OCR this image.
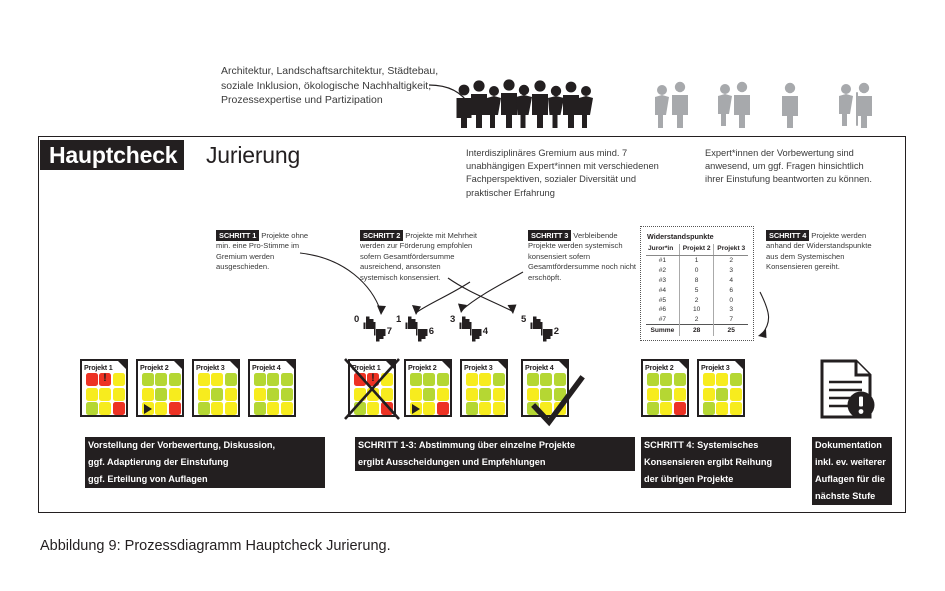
Architektur, Landschaftsarchitektur, Städtebau, soziale Inklusion, ökologische Nachhaltigkeit, Prozessexpertise und Partizipation
Hauptcheck	Jurierung	Interdisziplinäres Gremium aus mind. 7 unabhängigen Expert*innen mit verschiedenen Fachperspektiven, sozialer Diversität und praktischer Erfahrung
Expert*innen der Vorbewertung sind anwesend, um ggf. Fragen hinsichtlich ihrer Einstufung beantworten zu können.
SCHRITT 1 Projekte ohne min. eine Pro-Stimme im Gremium werden ausgeschieden.
SCHRITT 2 Projekte mit Mehrheit werden zur Förderung empfohlen sofern Gesamtfördersumme ausreichend, ansonsten systemisch konsensiert.
SCHRITT 3 Verbleibende Projekte werden systemisch konsensiert sofern Gesamtfördersumme noch nicht erschöpft.
SCHRITT 4 Projekte werden anhand der Widerstandspunkte aus dem Systemischen Konsensieren gereiht.
0
7
1
6
3
4
5
2
Widerstandspunkte
Juror*in	Projekt 2	Projekt 3
#1	1	2
#2	0	3
#3	8	4
#4	5	6
#5	2	0
#6	10	3
#7	2	7
Summe	28	25
Projekt 1
!
Projekt 2	Projekt 3	Projekt 4	Projekt 1
!
Projekt 2	Projekt 3	Projekt 4	Projekt 2	Projekt 3
Vorstellung der Vorbewertung, Diskussion,
ggf. Adaptierung der Einstufung
ggf. Erteilung von Auflagen
SCHRITT 1-3: Abstimmung über einzelne Projekte
ergibt Ausscheidungen und Empfehlungen
SCHRITT 4: Systemisches
Konsensieren ergibt Reihung
der übrigen Projekte
Dokumentation
inkl. ev. weiterer
Auflagen für die
nächste Stufe
Abbildung 9: Prozessdiagramm Hauptcheck Jurierung.
